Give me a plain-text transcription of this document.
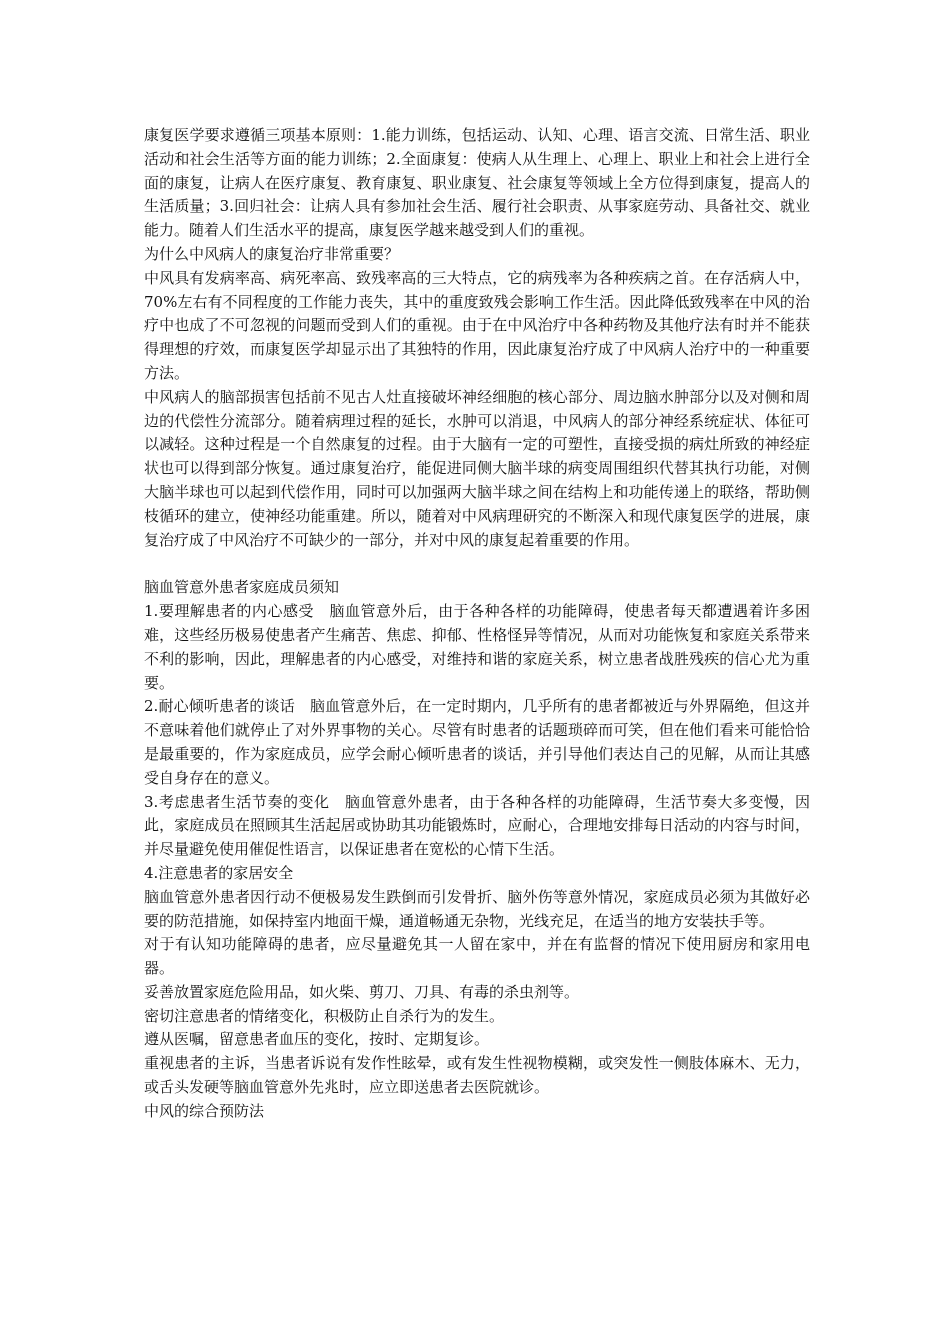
康复医学要求遵循三项基本原则：1.能力训练，包括运动、认知、心理、语言交流、日常生活、职业活动和社会生活等方面的能力训练；2.全面康复：使病人从生理上、心理上、职业上和社会上进行全面的康复，让病人在医疗康复、教育康复、职业康复、社会康复等领域上全方位得到康复，提高人的生活质量；3.回归社会：让病人具有参加社会生活、履行社会职责、从事家庭劳动、具备社交、就业能力。随着人们生活水平的提高，康复医学越来越受到人们的重视。

为什么中风病人的康复治疗非常重要？

中风具有发病率高、病死率高、致残率高的三大特点，它的病残率为各种疾病之首。在存活病人中，70%左右有不同程度的工作能力丧失，其中的重度致残会影响工作生活。因此降低致残率在中风的治疗中也成了不可忽视的问题而受到人们的重视。由于在中风治疗中各种药物及其他疗法有时并不能获得理想的疗效，而康复医学却显示出了其独特的作用，因此康复治疗成了中风病人治疗中的一种重要方法。

中风病人的脑部损害包括前不见古人灶直接破坏神经细胞的核心部分、周边脑水肿部分以及对侧和周边的代偿性分流部分。随着病理过程的延长，水肿可以消退，中风病人的部分神经系统症状、体征可以减轻。这种过程是一个自然康复的过程。由于大脑有一定的可塑性，直接受损的病灶所致的神经症状也可以得到部分恢复。通过康复治疗，能促进同侧大脑半球的病变周围组织代替其执行功能，对侧大脑半球也可以起到代偿作用，同时可以加强两大脑半球之间在结构上和功能传递上的联络，帮助侧枝循环的建立，使神经功能重建。所以，随着对中风病理研究的不断深入和现代康复医学的进展，康复治疗成了中风治疗不可缺少的一部分，并对中风的康复起着重要的作用。

脑血管意外患者家庭成员须知

1.要理解患者的内心感受　脑血管意外后，由于各种各样的功能障碍，使患者每天都遭遇着许多困难，这些经历极易使患者产生痛苦、焦虑、抑郁、性格怪异等情况，从而对功能恢复和家庭关系带来不利的影响，因此，理解患者的内心感受，对维持和谐的家庭关系，树立患者战胜残疾的信心尤为重要。

2.耐心倾听患者的谈话　脑血管意外后，在一定时期内，几乎所有的患者都被近与外界隔绝，但这并不意味着他们就停止了对外界事物的关心。尽管有时患者的话题琐碎而可笑，但在他们看来可能恰恰是最重要的，作为家庭成员，应学会耐心倾听患者的谈话，并引导他们表达自己的见解，从而让其感受自身存在的意义。

3.考虑患者生活节奏的变化　脑血管意外患者，由于各种各样的功能障碍，生活节奏大多变慢，因此，家庭成员在照顾其生活起居或协助其功能锻炼时，应耐心，合理地安排每日活动的内容与时间，并尽量避免使用催促性语言，以保证患者在宽松的心情下生活。

4.注意患者的家居安全

脑血管意外患者因行动不便极易发生跌倒而引发骨折、脑外伤等意外情况，家庭成员必须为其做好必要的防范措施，如保持室内地面干燥，通道畅通无杂物，光线充足，在适当的地方安装扶手等。

对于有认知功能障碍的患者，应尽量避免其一人留在家中，并在有监督的情况下使用厨房和家用电器。

妥善放置家庭危险用品，如火柴、剪刀、刀具、有毒的杀虫剂等。

密切注意患者的情绪变化，积极防止自杀行为的发生。

遵从医嘱，留意患者血压的变化，按时、定期复诊。

重视患者的主诉，当患者诉说有发作性眩晕，或有发生性视物模糊，或突发性一侧肢体麻木、无力，或舌头发硬等脑血管意外先兆时，应立即送患者去医院就诊。

中风的综合预防法
